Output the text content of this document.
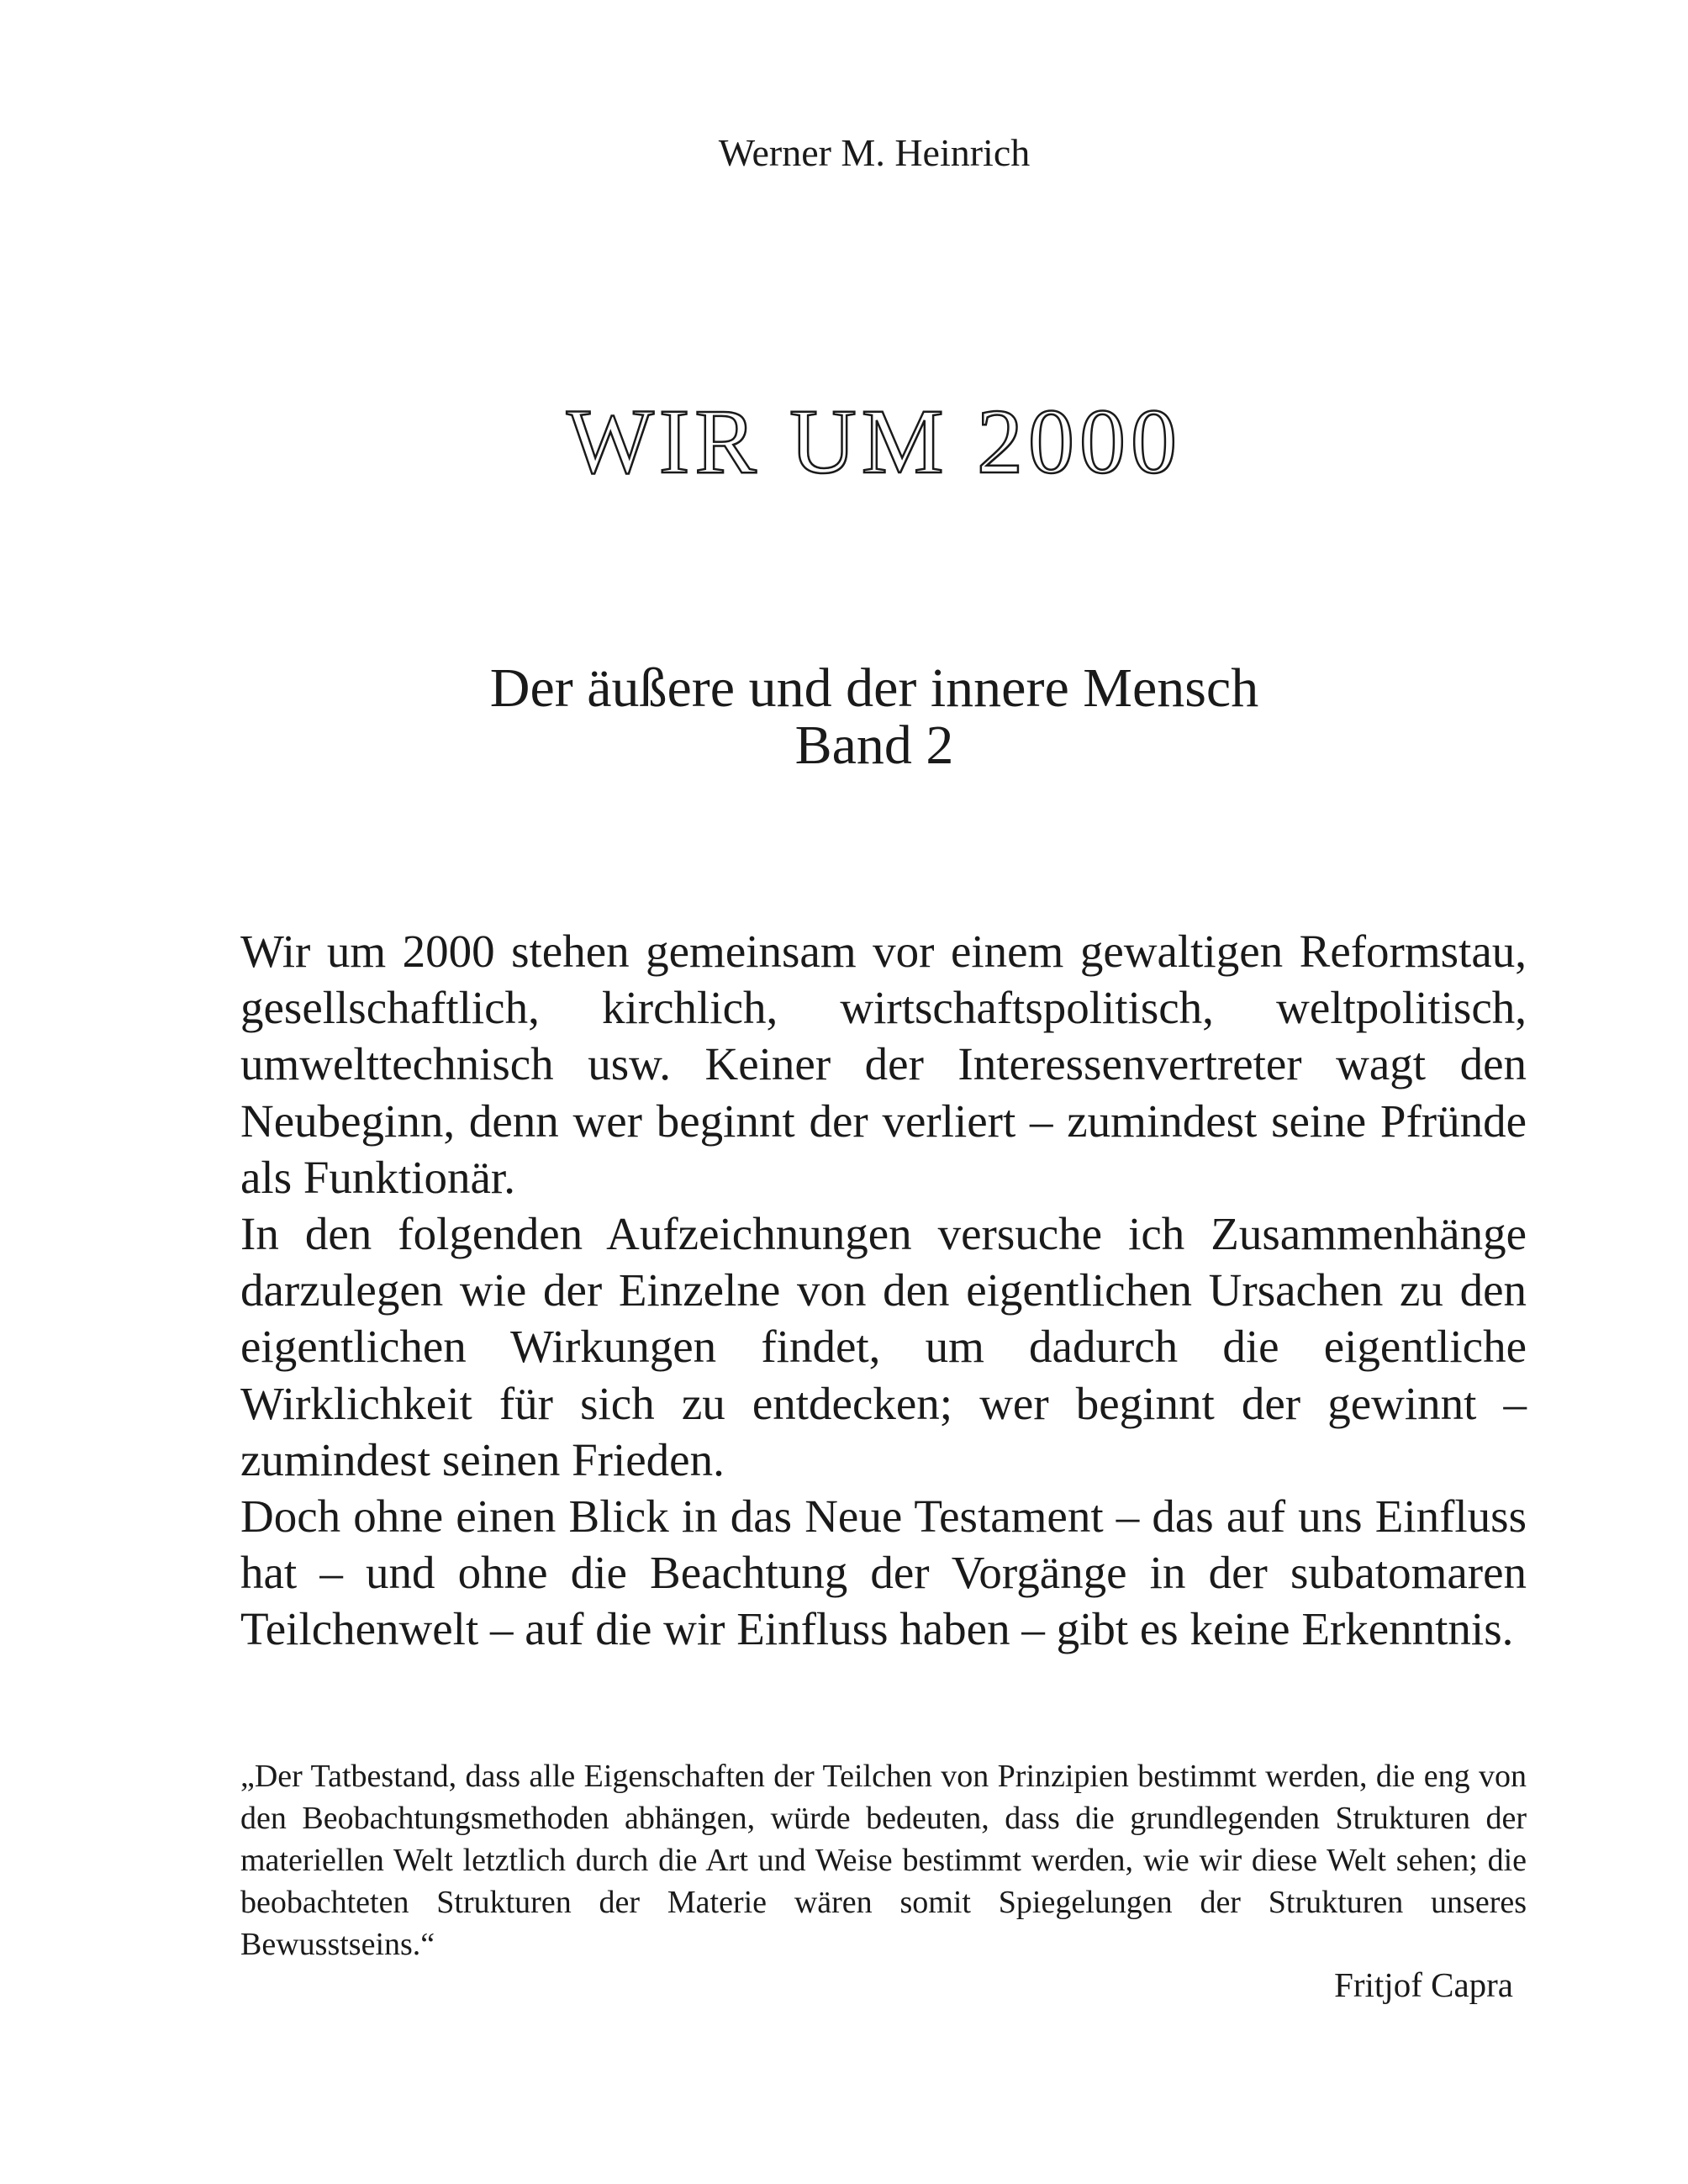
Werner M. Heinrich

WIR UM 2000
Der äußere und der innere Mensch
Band 2

Wir um 2000 stehen gemeinsam vor einem gewaltigen Reformstau, gesellschaftlich, kirchlich, wirtschaftspolitisch, weltpolitisch, umwelttechnisch usw. Keiner der Interessenvertreter wagt den Neubeginn, denn wer beginnt der verliert – zumindest seine Pfründe als Funktionär.

In den folgenden Aufzeichnungen versuche ich Zusammenhänge darzulegen wie der Einzelne von den eigentlichen Ursachen zu den eigentlichen Wirkungen findet, um dadurch die eigentliche Wirklichkeit für sich zu entdecken; wer beginnt der gewinnt – zumindest seinen Frieden.

Doch ohne einen Blick in das Neue Testament – das auf uns Einfluss hat – und ohne die Beachtung der Vorgänge in der subatomaren Teilchenwelt – auf die wir Einfluss haben – gibt es keine Erkenntnis.

„Der Tatbestand, dass alle Eigenschaften der Teilchen von Prinzipien bestimmt werden, die eng von den Beobachtungsmethoden abhängen, würde bedeuten, dass die grundlegenden Strukturen der materiellen Welt letztlich durch die Art und Weise bestimmt werden, wie wir diese Welt sehen; die beobachteten Strukturen der Materie wären somit Spiegelungen der Strukturen unseres Bewusstseins.“

Fritjof Capra
